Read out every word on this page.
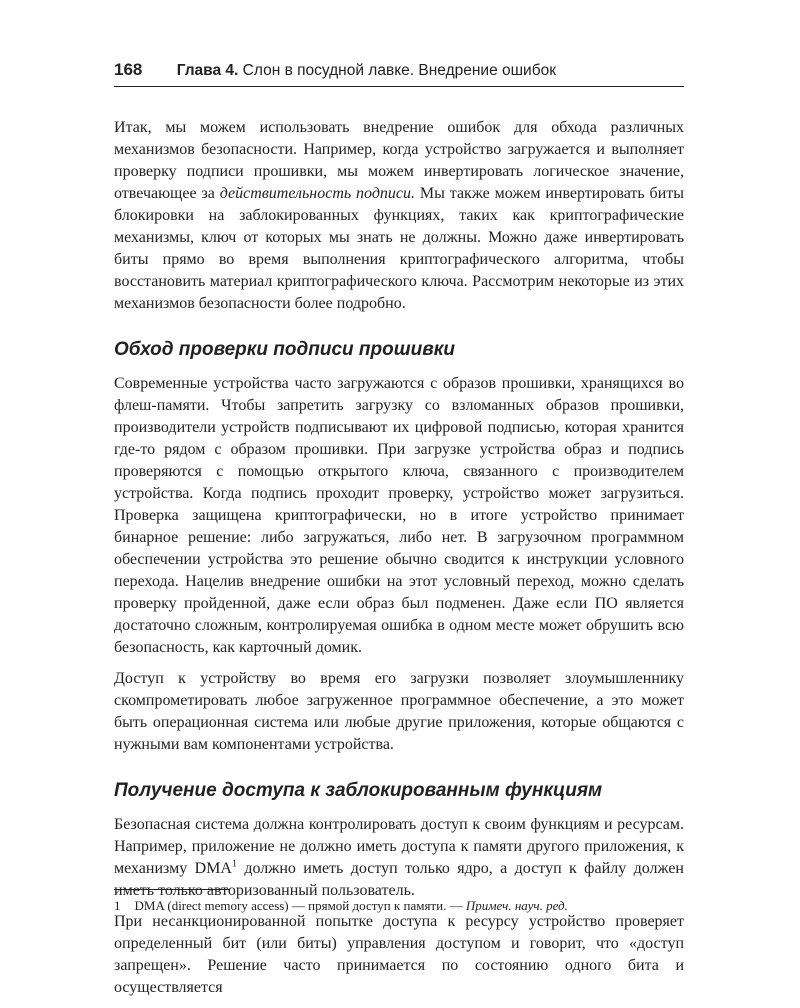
168 Глава 4. Слон в посудной лавке. Внедрение ошибок

Итак, мы можем использовать внедрение ошибок для обхода различных механизмов безопасности. Например, когда устройство загружается и выполняет проверку подписи прошивки, мы можем инвертировать логическое значение, отвечающее за действительность подписи. Мы также можем инвертировать биты блокировки на заблокированных функциях, таких как криптографические механизмы, ключ от которых мы знать не должны. Можно даже инвертировать биты прямо во время выполнения криптографического алгоритма, чтобы восстановить материал криптографического ключа. Рассмотрим некоторые из этих механизмов безопасности более подробно.

Обход проверки подписи прошивки

Современные устройства часто загружаются с образов прошивки, хранящихся во флеш-памяти. Чтобы запретить загрузку со взломанных образов прошивки, производители устройств подписывают их цифровой подписью, которая хранится где-то рядом с образом прошивки. При загрузке устройства образ и подпись проверяются с помощью открытого ключа, связанного с производителем устройства. Когда подпись проходит проверку, устройство может загрузиться. Проверка защищена криптографически, но в итоге устройство принимает бинарное решение: либо загружаться, либо нет. В загрузочном программном обеспечении устройства это решение обычно сводится к инструкции условного перехода. Нацелив внедрение ошибки на этот условный переход, можно сделать проверку пройденной, даже если образ был подменен. Даже если ПО является достаточно сложным, контролируемая ошибка в одном месте может обрушить всю безопасность, как карточный домик.

Доступ к устройству во время его загрузки позволяет злоумышленнику скомпрометировать любое загруженное программное обеспечение, а это может быть операционная система или любые другие приложения, которые общаются с нужными вам компонентами устройства.

Получение доступа к заблокированным функциям

Безопасная система должна контролировать доступ к своим функциям и ресурсам. Например, приложение не должно иметь доступа к памяти другого приложения, к механизму DMA$^1$ должно иметь доступ только ядро, а доступ к файлу должен иметь только авторизованный пользователь.

При несанкционированной попытке доступа к ресурсу устройство проверяет определенный бит (или биты) управления доступом и говорит, что «доступ запрещен». Решение часто принимается по состоянию одного бита и осуществляется

1 DMA (direct memory access) — прямой доступ к памяти. — Примеч. науч. ред.
